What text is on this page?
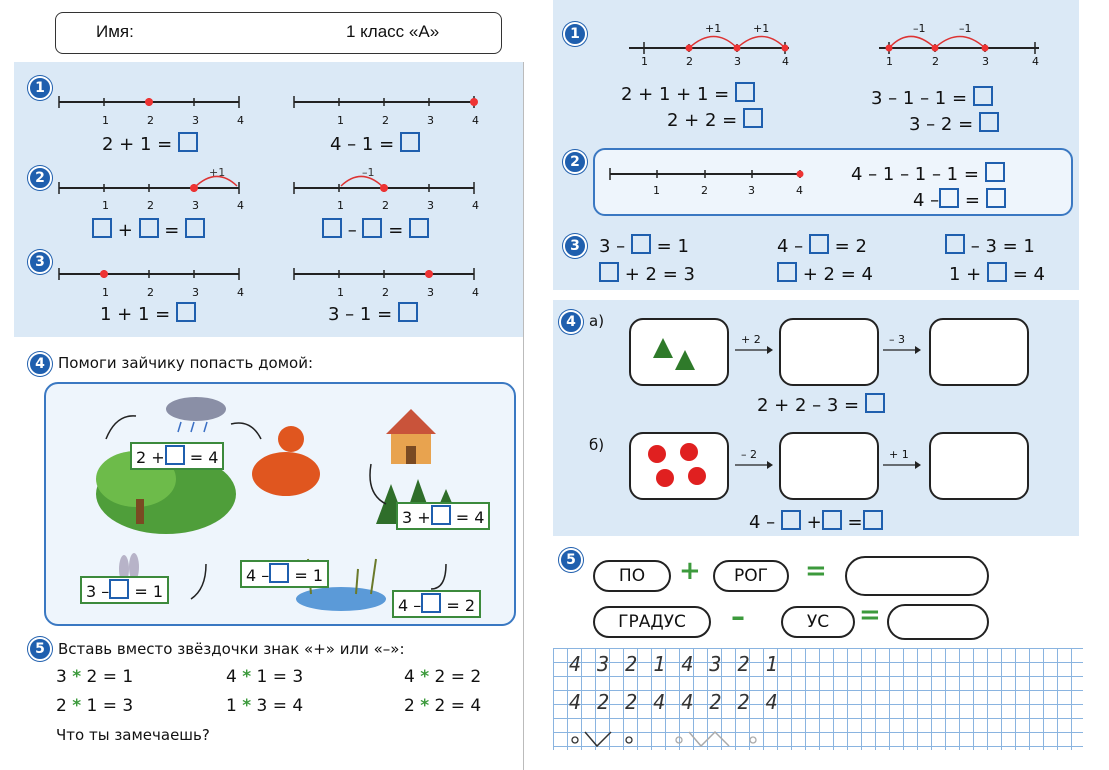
Имя:	1 класс «А»
1
1	2	3	4	1	2	3	4
2 + 1 =	4 – 1 =
2	+1	–1
1	2	3	4	1	2	3	4
+ =	– =
3
1	2	3	4	1	2	3	4
1 + 1 =	3 – 1 =
4 Помоги зайчику попасть домой:
2 + = 4
3 + = 4
4 – = 1
3 – = 1
4 – = 2
5 Вставь вместо звёздочки знак «+» или «–»:
3 * 2 = 1	4 * 1 = 3	4 * 2 = 2
2 * 1 = 3	1 * 3 = 4	2 * 2 = 4
Что ты замечаешь?
1	+1	+1	–1	–1
1	2	3	4	1	2	3	4
2 + 1 + 1 =
2 + 2 =
3 – 1 – 1 =
3 – 2 =
2
1	2	3	4
4 – 1 – 1 – 1 =
4 – =
3	3 – = 1	4 – = 2	– 3 = 1
+ 2 = 3	+ 2 = 4	1 + = 4
4 а)
+ 2	– 3
2 + 2 – 3 =
б)
– 2	+ 1
4 – + =
5
ПО	+	РОГ	=
ГРАДУС	–	УС	=
4 3 2 1 4 3 2 1
4 2 2 4 4 2 2 4
